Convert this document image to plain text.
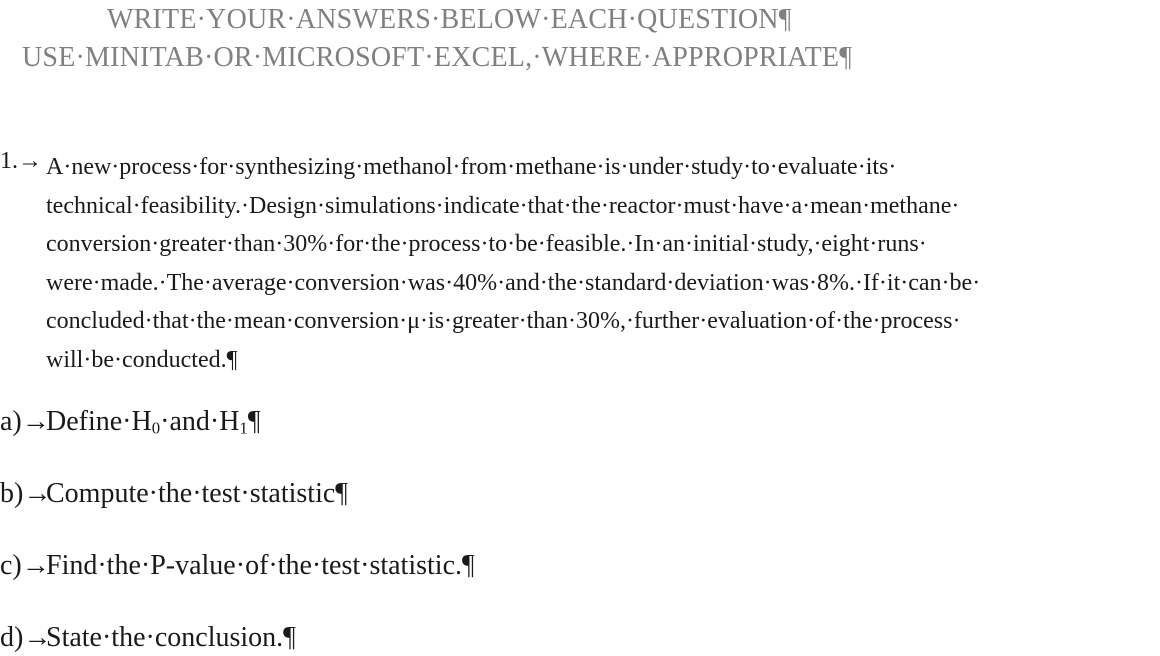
WRITE·YOUR·ANSWERS·BELOW·EACH·QUESTION¶
USE·MINITAB·OR·MICROSOFT·EXCEL,·WHERE·APPROPRIATE¶
1.→ A·new·process·for·synthesizing·methanol·from·methane·is·under·study·to·evaluate·its·
technical·feasibility.·Design·simulations·indicate·that·the·reactor·must·have·a·mean·methane·
conversion·greater·than·30%·for·the·process·to·be·feasible.·In·an·initial·study,·eight·runs·
were·made.·The·average·conversion·was·40%·and·the·standard·deviation·was·8%.·If·it·can·be·
concluded·that·the·mean·conversion·μ·is·greater·than·30%,·further·evaluation·of·the·process·
will·be·conducted.¶
$a)\to Define\cdot H_0\cdot and\cdot H_1\P$
b)→Compute·the·test·statistic¶
c)→Find·the·P-value·of·the·test·statistic.¶
d)→State·the·conclusion.¶
